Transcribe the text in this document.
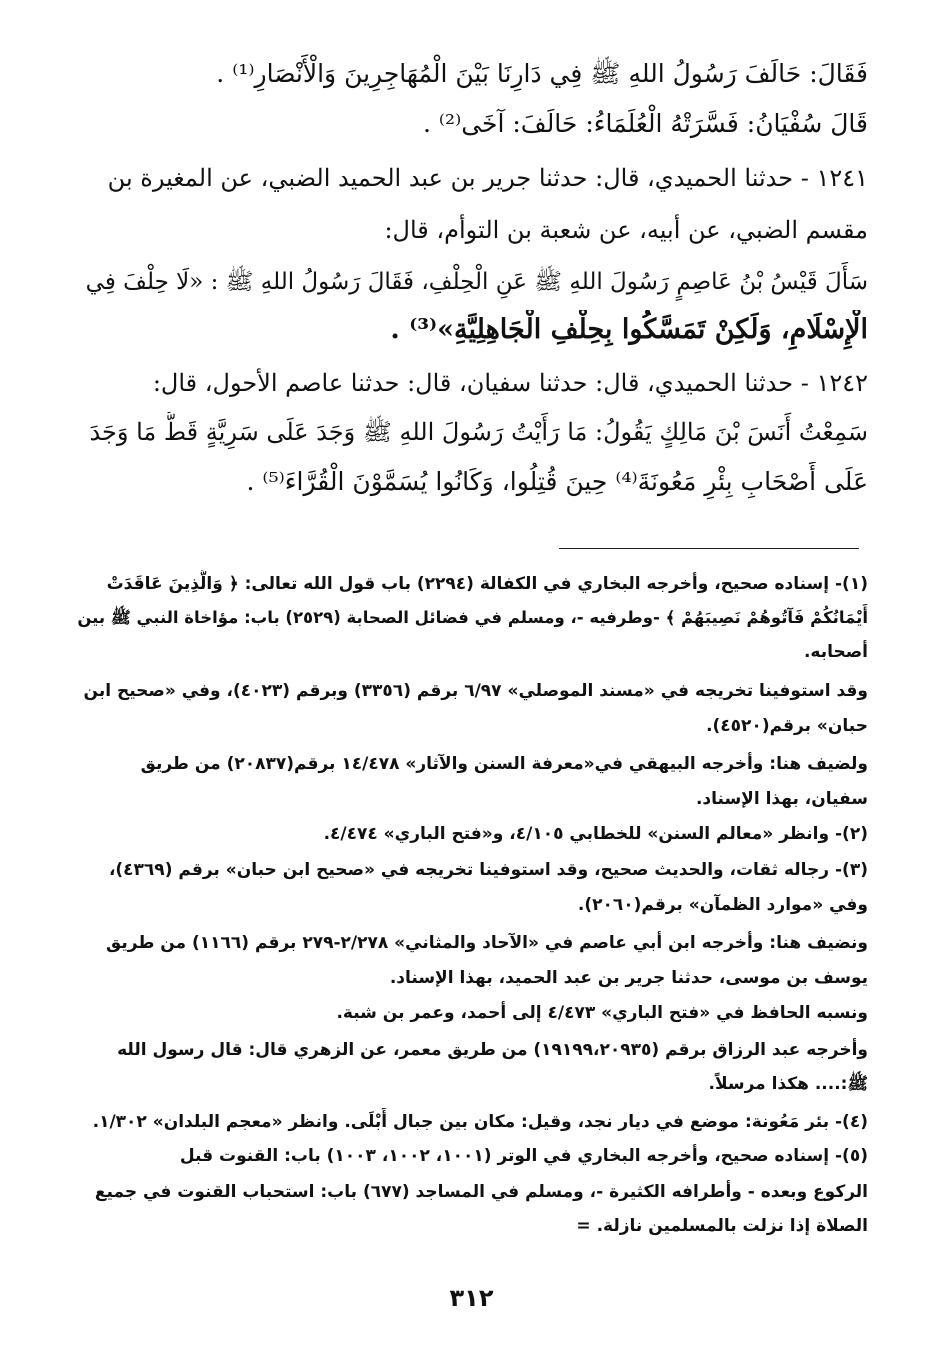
فَقَالَ: حَالَفَ رَسُولُ اللهِ ﷺ فِي دَارِنَا بَيْنَ الْمُهَاجِرِينَ وَالْأَنْصَارِ⁽¹⁾ .
قَالَ سُفْيَانُ: فَسَّرَتْهُ الْعُلَمَاءُ: حَالَفَ: آخَى⁽²⁾ .
١٢٤١ - حدثنا الحميدي، قال: حدثنا جرير بن عبد الحميد الضبي، عن المغيرة بن
مقسم الضبي، عن أبيه، عن شعبة بن التوأم، قال:
سَأَلَ قَيْسُ بْنُ عَاصِمٍ رَسُولَ اللهِ ﷺ عَنِ الْحِلْفِ، فَقَالَ رَسُولُ اللهِ ﷺ : «لَا حِلْفَ فِي
الْإِسْلَامِ، وَلَكِنْ تَمَسَّكُوا بِحِلْفِ الْجَاهِلِيَّةِ»⁽³⁾ .
١٢٤٢ - حدثنا الحميدي، قال: حدثنا سفيان، قال: حدثنا عاصم الأحول، قال:
سَمِعْتُ أَنَسَ بْنَ مَالِكٍ يَقُولُ: مَا رَأَيْتُ رَسُولَ اللهِ ﷺ وَجَدَ عَلَى سَرِيَّةٍ قَطُّ مَا وَجَدَ
عَلَى أَصْحَابِ بِئْرِ مَعُونَةَ⁽⁴⁾ حِينَ قُتِلُوا، وَكَانُوا يُسَمَّوْنَ الْقُرَّاءَ⁽⁵⁾ .
(١)- إسناده صحيح، وأخرجه البخاري في الكفالة (٢٢٩٤) باب قول الله تعالى: ﴿ وَالَّذِينَ عَاقَدَتْ
أَيْمَانُكُمْ فَآتُوهُمْ نَصِيبَهُمْ ﴾ -وطرفيه -، ومسلم في فضائل الصحابة (٢٥٢٩) باب: مؤاخاة النبي ﷺ بين
أصحابه.
وقد استوفينا تخريجه في «مسند الموصلي» ٦/٩٧ برقم (٣٣٥٦) وبرقم (٤٠٢٣)، وفي «صحيح ابن
حبان» برقم(٤٥٢٠).
ولضيف هنا: وأخرجه البيهقي في«معرفة السنن والآثار» ١٤/٤٧٨ برقم(٢٠٨٣٧) من طريق
سفيان، بهذا الإسناد.
(٢)- وانظر «معالم السنن» للخطابي ٤/١٠٥، و«فتح الباري» ٤/٤٧٤.
(٣)- رجاله ثقات، والحديث صحيح، وقد استوفينا تخريجه في «صحيح ابن حبان» برقم (٤٣٦٩)،
وفي «موارد الظمآن» برقم(٢٠٦٠).
ونضيف هنا: وأخرجه ابن أبي عاصم في «الآحاد والمثاني» ٢/٢٧٨-٢٧٩ برقم (١١٦٦) من طريق
يوسف بن موسى، حدثنا جرير بن عبد الحميد، بهذا الإسناد.
ونسبه الحافظ في «فتح الباري» ٤/٤٧٣ إلى أحمد، وعمر بن شبة.
وأخرجه عبد الرزاق برقم (١٩١٩٩،٢٠٩٣٥) من طريق معمر، عن الزهري قال: قال رسول الله
ﷺ:.... هكذا مرسلاً.
(٤)- بئر مَعُونة: موضع في ديار نجد، وقيل: مكان بين جبال أَبْلَى. وانظر «معجم البلدان» ١/٣٠٢.
(٥)- إسناده صحيح، وأخرجه البخاري في الوتر (١٠٠١، ١٠٠٢، ١٠٠٣) باب: القنوت قبل
الركوع وبعده - وأطرافه الكثيرة -، ومسلم في المساجد (٦٧٧) باب: استحباب القنوت في جميع
الصلاة إذا نزلت بالمسلمين نازلة. =
٣١٢
